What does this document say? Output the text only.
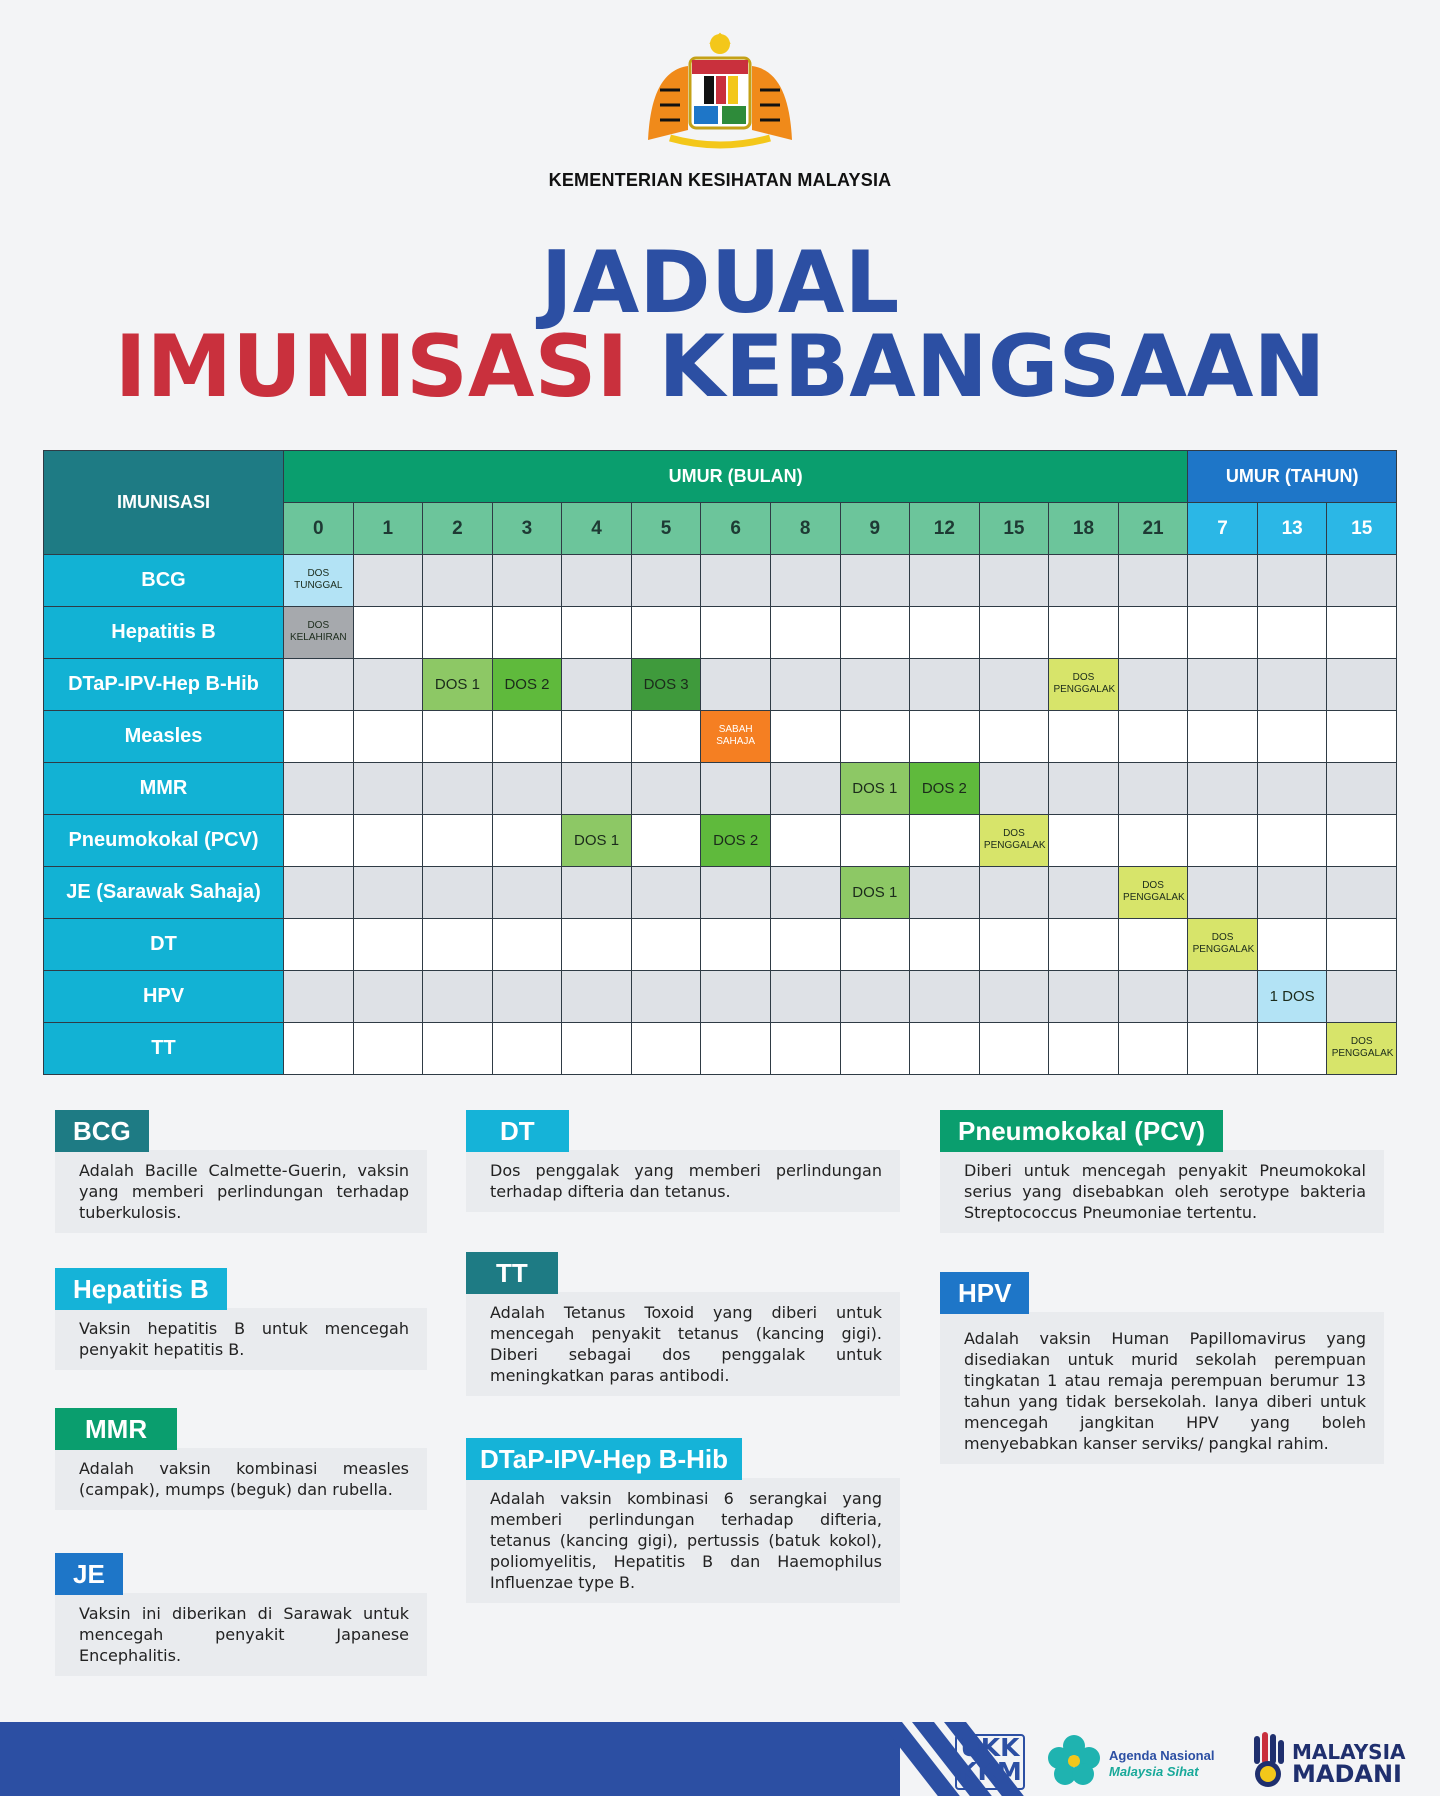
KEMENTERIAN KESIHATAN MALAYSIA
JADUAL
IMUNISASI KEBANGSAAN
IMUNISASI	UMUR (BULAN)													UMUR (TAHUN)		
	0	1	2	3	4	5	6	8	9	12	15	18	21	7	13	15
BCG	DOS TUNGGAL															
Hepatitis B	DOS KELAHIRAN															
DTaP-IPV-Hep B-Hib			DOS 1	DOS 2		DOS 3						DOS PENGGALAK				
Measles							SABAH SAHAJA									
MMR									DOS 1	DOS 2						
Pneumokokal (PCV)					DOS 1		DOS 2				DOS PENGGALAK					
JE (Sarawak Sahaja)									DOS 1				DOS PENGGALAK			
DT														DOS PENGGALAK		
HPV															1 DOS	
TT																DOS PENGGALAK
BCG
Adalah Bacille Calmette-Guerin, vaksin yang memberi perlindungan terhadap tuberkulosis.
Hepatitis B
Vaksin hepatitis B untuk mencegah penyakit hepatitis B.
MMR
Adalah vaksin kombinasi measles (campak), mumps (beguk) dan rubella.
JE
Vaksin ini diberikan di Sarawak untuk mencegah penyakit Japanese Encephalitis.
DT
Dos penggalak yang memberi perlindungan terhadap difteria dan tetanus.
TT
Adalah Tetanus Toxoid yang diberi untuk mencegah penyakit tetanus (kancing gigi). Diberi sebagai dos penggalak untuk meningkatkan paras antibodi.
DTaP-IPV-Hep B-Hib
Adalah vaksin kombinasi 6 serangkai yang memberi perlindungan terhadap difteria, tetanus (kancing gigi), pertussis (batuk kokol), poliomyelitis, Hepatitis B dan Haemophilus Influenzae type B.
Pneumokokal (PCV)
Diberi untuk mencegah penyakit Pneumokokal serius yang disebabkan oleh serotype bakteria Streptococcus Pneumoniae tertentu.
HPV
Adalah vaksin Human Papillomavirus yang disediakan untuk murid sekolah perempuan tingkatan 1 atau remaja perempuan berumur 13 tahun yang tidak bersekolah. Ianya diberi untuk mencegah jangkitan HPV yang boleh menyebabkan kanser serviks/ pangkal rahim.
UKK
KKM
Agenda Nasional
Malaysia Sihat
MALAYSIA
MADANI
